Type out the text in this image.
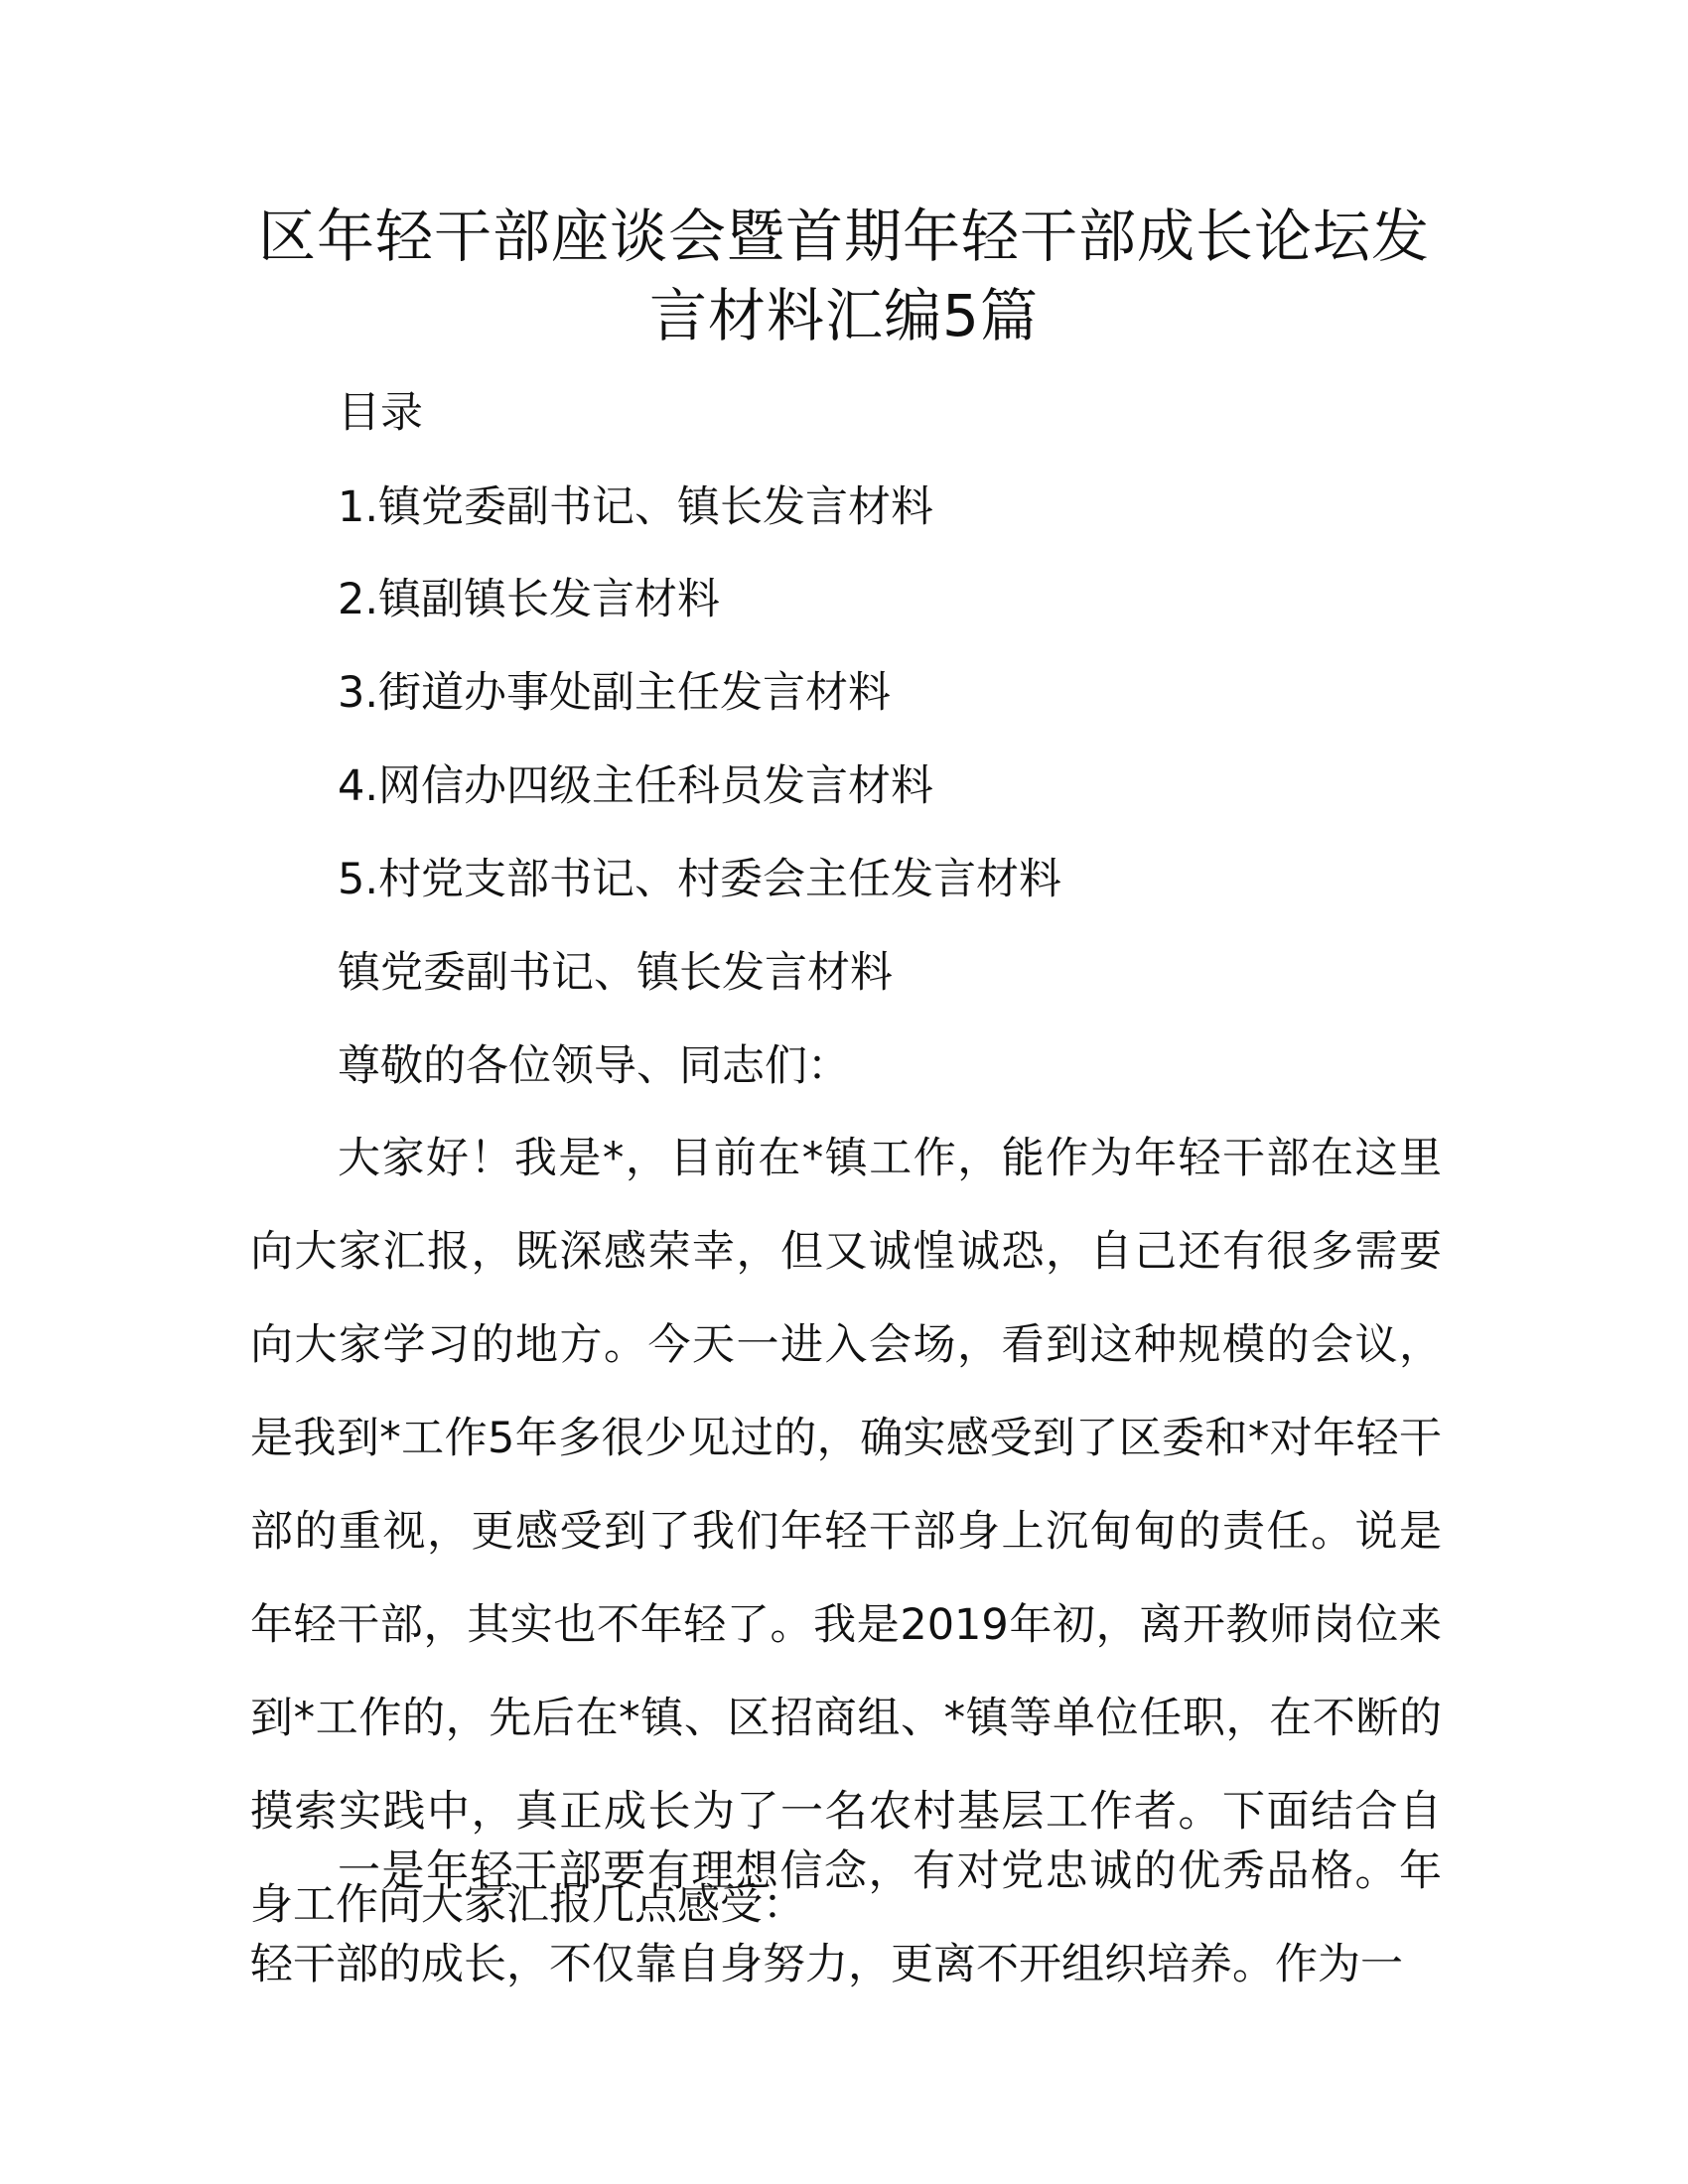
区年轻干部座谈会暨首期年轻干部成长论坛发
言材料汇编5篇
目录
1.镇党委副书记、镇长发言材料
2.镇副镇长发言材料
3.街道办事处副主任发言材料
4.网信办四级主任科员发言材料
5.村党支部书记、村委会主任发言材料
镇党委副书记、镇长发言材料
尊敬的各位领导、同志们：

大家好！我是*，目前在*镇工作，能作为年轻干部在这里向大家汇报，既深感荣幸，但又诚惶诚恐，自己还有很多需要向大家学习的地方。今天一进入会场，看到这种规模的会议，是我到*工作5年多很少见过的，确实感受到了区委和*对年轻干部的重视，更感受到了我们年轻干部身上沉甸甸的责任。说是年轻干部，其实也不年轻了。我是2019年初，离开教师岗位来到*工作的，先后在*镇、区招商组、*镇等单位任职，在不断的摸索实践中，真正成长为了一名农村基层工作者。下面结合自身工作向大家汇报几点感受：

一是年轻干部要有理想信念，有对党忠诚的优秀品格。年轻干部的成长，不仅靠自身努力，更离不开组织培养。作为一
